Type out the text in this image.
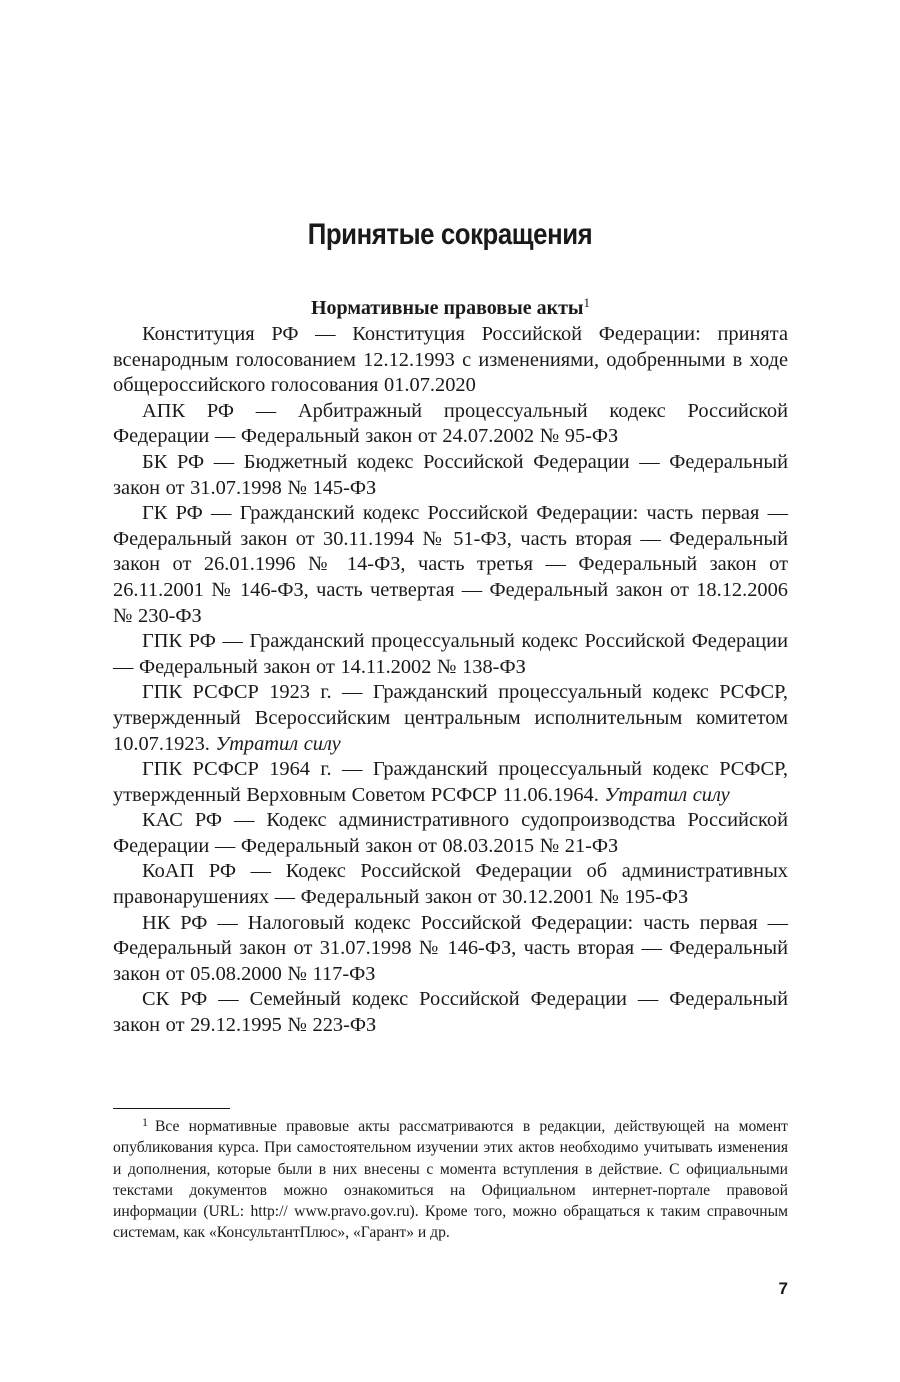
Принятые сокращения
Нормативные правовые акты$^1$

Конституция РФ — Конституция Российской Федерации: принята всенародным голосованием 12.12.1993 с изменениями, одобренными в ходе общероссийского голосования 01.07.2020

АПК РФ — Арбитражный процессуальный кодекс Российской Федерации — Федеральный закон от 24.07.2002 № 95-ФЗ

БК РФ — Бюджетный кодекс Российской Федерации — Федеральный закон от 31.07.1998 № 145-ФЗ

ГК РФ — Гражданский кодекс Российской Федерации: часть первая — Федеральный закон от 30.11.1994 № 51-ФЗ, часть вторая — Федеральный закон от 26.01.1996 № 14-ФЗ, часть третья — Федеральный закон от 26.11.2001 № 146-ФЗ, часть четвертая — Федеральный закон от 18.12.2006 № 230-ФЗ

ГПК РФ — Гражданский процессуальный кодекс Российской Федерации — Федеральный закон от 14.11.2002 № 138-ФЗ

ГПК РСФСР 1923 г. — Гражданский процессуальный кодекс РСФСР, утвержденный Всероссийским центральным исполнительным комитетом 10.07.1923. Утратил силу

ГПК РСФСР 1964 г. — Гражданский процессуальный кодекс РСФСР, утвержденный Верховным Советом РСФСР 11.06.1964. Утратил силу

КАС РФ — Кодекс административного судопроизводства Российской Федерации — Федеральный закон от 08.03.2015 № 21-ФЗ

КоАП РФ — Кодекс Российской Федерации об административных правонарушениях — Федеральный закон от 30.12.2001 № 195-ФЗ

НК РФ — Налоговый кодекс Российской Федерации: часть первая — Федеральный закон от 31.07.1998 № 146-ФЗ, часть вторая — Федеральный закон от 05.08.2000 № 117-ФЗ

СК РФ — Семейный кодекс Российской Федерации — Федеральный закон от 29.12.1995 № 223-ФЗ

$^1$ Все нормативные правовые акты рассматриваются в редакции, действующей на момент опубликования курса. При самостоятельном изучении этих актов необходимо учитывать изменения и дополнения, которые были в них внесены с момента вступления в действие. С официальными текстами документов можно ознакомиться на Официальном интернет-портале правовой информации (URL: http:// www.pravo.gov.ru). Кроме того, можно обращаться к таким справочным системам, как «КонсультантПлюс», «Гарант» и др.

7
